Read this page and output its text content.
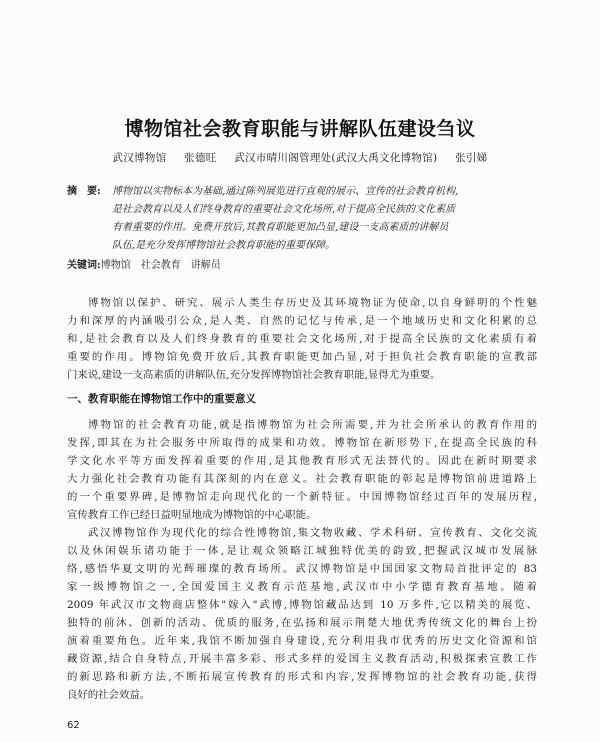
博物馆社会教育职能与讲解队伍建设刍议
武汉博物馆 张德旺 武汉市晴川阁管理处(武汉大禹文化博物馆) 张引娣
摘　要: 博物馆以实物标本为基础,通过陈列展览进行直观的展示、宣传的社会教育机构,
是社会教育以及人们终身教育的重要社会文化场所,对于提高全民族的文化素质
有着重要的作用。免费开放后,其教育职能更加凸显,建设一支高素质的讲解员
队伍,是充分发挥博物馆社会教育职能的重要保障。
关键词:博物馆 社会教育 讲解员
博物馆以保护、研究、展示人类生存历史及其环境物证为使命,以自身鲜明的个性魅
力和深厚的内涵吸引公众,是人类、自然的记忆与传承,是一个地域历史和文化积累的总
和,是社会教育以及人们终身教育的重要社会文化场所,对于提高全民族的文化素质有着
重要的作用。博物馆免费开放后,其教育职能更加凸显,对于担负社会教育职能的宣教部
门来说,建设一支高素质的讲解队伍,充分发挥博物馆社会教育职能,显得尤为重要。
一、教育职能在博物馆工作中的重要意义
博物馆的社会教育功能,就是指博物馆为社会所需要,并为社会所承认的教育作用的
发挥,即其在为社会服务中所取得的成果和功效。博物馆在新形势下,在提高全民族的科
学文化水平等方面发挥着重要的作用,是其他教育形式无法替代的。因此在新时期要求
大力强化社会教育功能有其深刻的内在意义。社会教育职能的彰起是博物馆前进道路上
的一个重要界碑,是博物馆走向现代化的一个新特征。中国博物馆经过百年的发展历程,
宣传教育工作已经日益明显地成为博物馆的中心职能。
武汉博物馆作为现代化的综合性博物馆,集文物收藏、学术科研、宣传教育、文化交流
以及休闲娱乐诸功能于一体,是让观众领略江城独特优美的韵致,把握武汉城市发展脉
络,感悟华夏文明的光辉璀璨的教育场所。武汉博物馆是中国国家文物局首批评定的 83
家一级博物馆之一,全国爱国主义教育示范基地,武汉市中小学德育教育基地。随着
2009 年武汉市文物商店整体"嫁入"武博,博物馆藏品达到 10 万多件,它以精美的展览、
独特的前沐、创新的活动、优质的服务,在弘扬和展示荆楚大地优秀传统文化的舞台上扮
演着重要角色。近年来,我馆不断加强自身建设,充分利用我市优秀的历史文化资源和馆
藏资源,结合自身特点,开展丰富多彩、形式多样的爱国主义教育活动,积极探索宣教工作
的新思路和新方法,不断拓展宣传教育的形式和内容,发挥博物馆的社会教育功能,获得
良好的社会效益。
62
